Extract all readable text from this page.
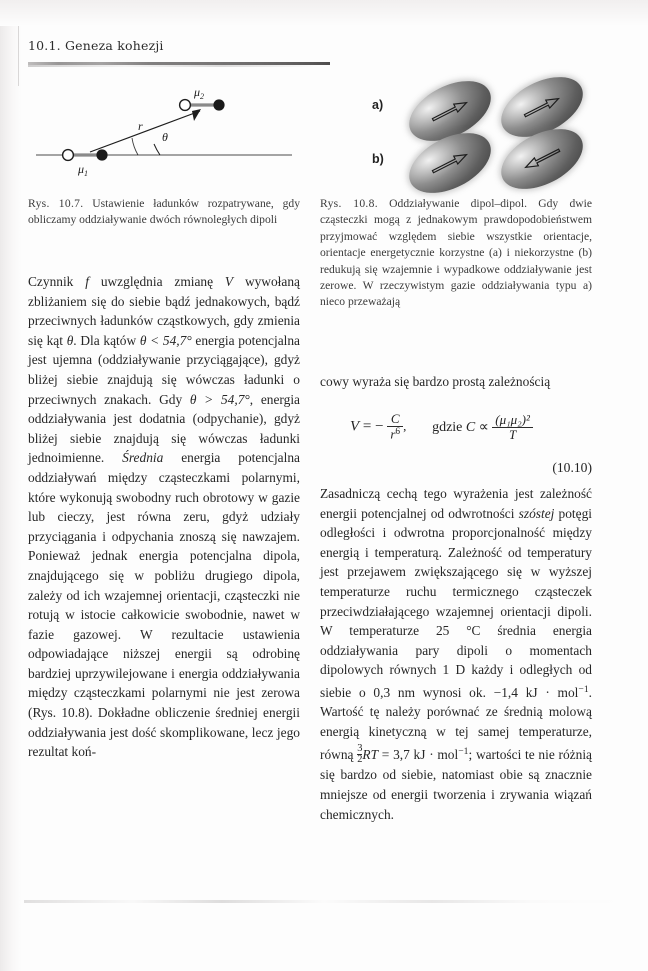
10.1. Geneza kohezji
r
θ
$\mu_1$
$\mu_2$
Rys. 10.7. Ustawienie ładunków rozpatrywane, gdy obliczamy oddziaływanie dwóch równoległych dipoli
a)
b)
Rys. 10.8. Oddziaływanie dipol–dipol. Gdy dwie cząsteczki mogą z jednakowym prawdopodobieństwem przyjmować względem siebie wszystkie orientacje, orientacje energetycznie korzystne (a) i niekorzystne (b) redukują się wzajemnie i wypadkowe oddziaływanie jest zerowe. W rzeczywistym gazie oddziaływania typu a) nieco przeważają

Czynnik f uwzględnia zmianę V wywołaną zbliżaniem się do siebie bądź jednakowych, bądź przeciwnych ładunków cząstkowych, gdy zmienia się kąt θ. Dla kątów θ < 54,7° energia potencjalna jest ujemna (oddziaływanie przyciągające), gdyż bliżej siebie znajdują się wówczas ładunki o przeciwnych znakach. Gdy θ > 54,7°, energia oddziaływania jest dodatnia (odpychanie), gdyż bliżej siebie znajdują się wówczas ładunki jednoimienne. Średnia energia potencjalna oddziaływań między cząsteczkami polarnymi, które wykonują swobodny ruch obrotowy w gazie lub cieczy, jest równa zeru, gdyż udziały przyciągania i odpychania znoszą się nawzajem. Ponieważ jednak energia potencjalna dipola, znajdującego się w pobliżu drugiego dipola, zależy od ich wzajemnej orientacji, cząsteczki nie rotują w istocie całkowicie swobodnie, nawet w fazie gazowej. W rezultacie ustawienia odpowiadające niższej energii są odrobinę bardziej uprzywilejowane i energia oddziaływania między cząsteczkami polarnymi nie jest zerowa (Rys. 10.8). Dokładne obliczenie średniej energii oddziaływania jest dość skomplikowane, lecz jego rezultat koń-

cowy wyraża się bardzo prostą zależnością

V = − $\frac{C}{r^6}$ , gdzie $C \propto \frac{\text{(μ₁μ₂)²}}{T}$
(10.10)

Zasadniczą cechą tego wyrażenia jest zależność energii potencjalnej od odwrotności szóstej potęgi odległości i odwrotna proporcjonalność między energią i temperaturą. Zależność od temperatury jest przejawem zwiększającego się w wyższej temperaturze ruchu termicznego cząsteczek przeciwdziałającego wzajemnej orientacji dipoli. W temperaturze 25 °C średnia energia oddziaływania pary dipoli o momentach dipolowych równych 1 D każdy i odległych od siebie o 0,3 nm wynosi ok. −1,4 kJ · mol$^{-1}$. Wartość tę należy porównać ze średnią molową energią kinetyczną w tej samej temperaturze, równą $\frac{3}{2}$ RT = 3,7 kJ · mol$^{-1}$; wartości te nie różnią się bardzo od siebie, natomiast obie są znacznie mniejsze od energii tworzenia i zrywania wiązań chemicznych.
